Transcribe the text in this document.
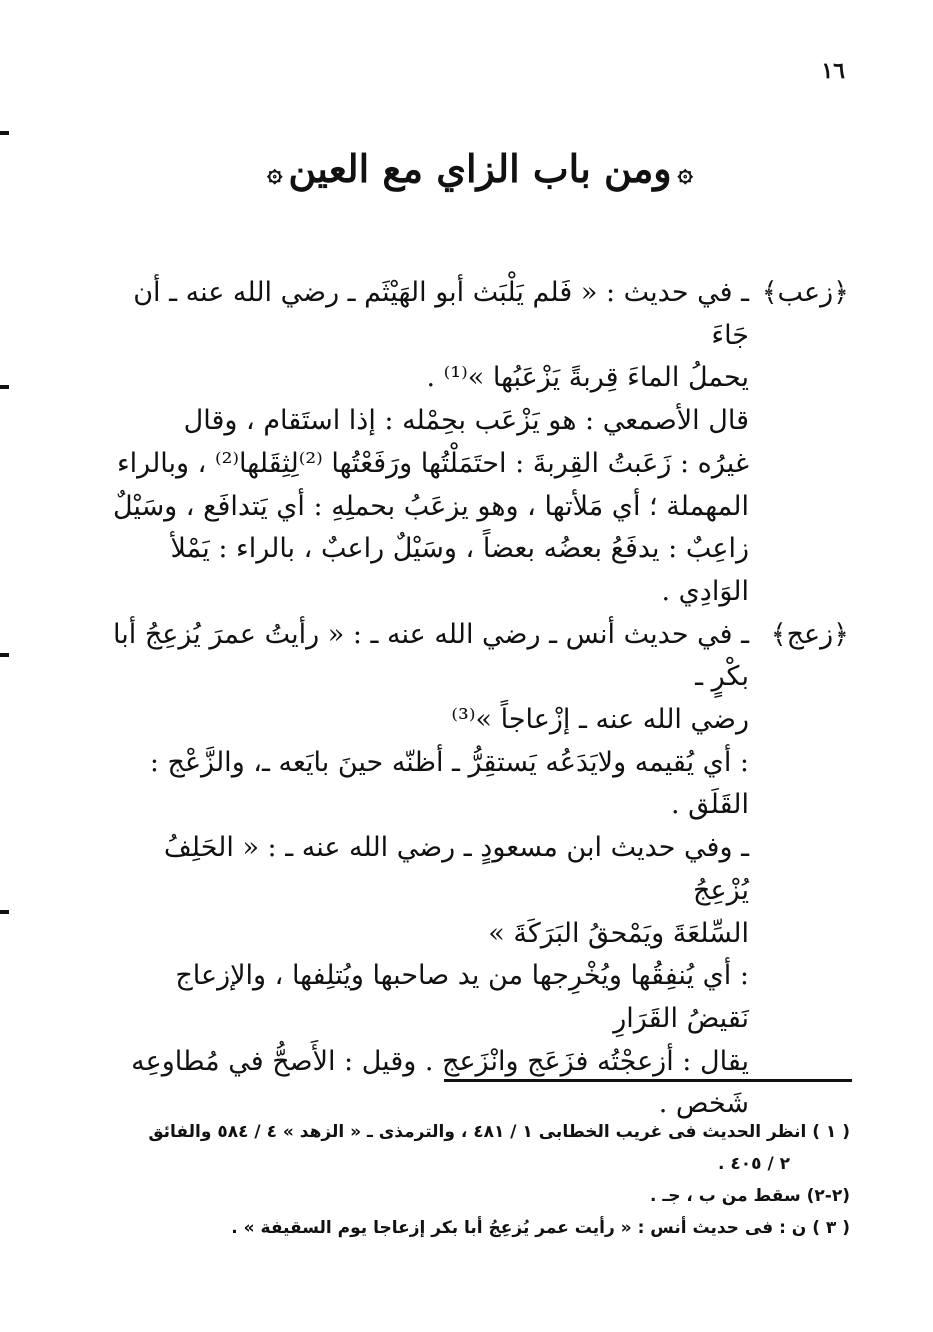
١٦
۞ومن باب الزاي مع العين۞
﴿زعب﴾
ـ في حديث : « فَلم يَلْبَث أبو الهَيْثَم ـ رضي الله عنه ـ أن جَاءَ
يحملُ الماءَ قِربةً يَزْعَبُها »⁽¹⁾ .
قال الأصمعي : هو يَزْعَب بحِمْله : إذا استَقام ، وقال
غيرُه : زَعَبتُ القِربةَ : احتَمَلْتُها ورَفَعْتُها ⁽²⁾لِثِقَلها⁽²⁾ ، وبالراء
المهملة ؛ أي مَلأتها ، وهو يزعَبُ بحملِهِ : أي يَتدافَع ، وسَيْلٌ
زاعِبٌ : يدفَعُ بعضُه بعضاً ، وسَيْلٌ راعبٌ ، بالراء : يَمْلأ
الوَادِي .
﴿زعج﴾
ـ في حديث أنس ـ رضي الله عنه ـ : « رأيتُ عمرَ يُزعِجُ أبا بكْرٍ ـ
رضي الله عنه ـ إزْعاجاً »⁽³⁾
: أي يُقيمه ولايَدَعُه يَستقِرُّ ـ أظنّه حينَ بايَعه ـ، والزَّعْج :
القَلَق .
ـ وفي حديث ابن مسعودٍ ـ رضي الله عنه ـ : « الحَلِفُ يُزْعِجُ
السِّلعَةَ ويَمْحقُ البَرَكَةَ »
: أي يُنفِقُها ويُخْرِجها من يد صاحبها ويُتلِفها ، والإزعاج
نَقيضُ القَرَارِ
يقال : أزعجْتُه فزَعَج وانْزَعج . وقيل : الأَصحُّ في مُطاوعِه
شَخص .

( ١ ) انظر الحديث فى غريب الخطابى ١ / ٤٨١ ، والترمذى ـ « الزهد » ٤ / ٥٨٤ والفائق

٢ / ٤٠٥ .

(٢-٢) سقط من ب ، جـ .

( ٣ ) ن : فى حديث أنس : « رأيت عمر يُزعِجُ أبا بكر إزعاجا يوم السقيفة » .
